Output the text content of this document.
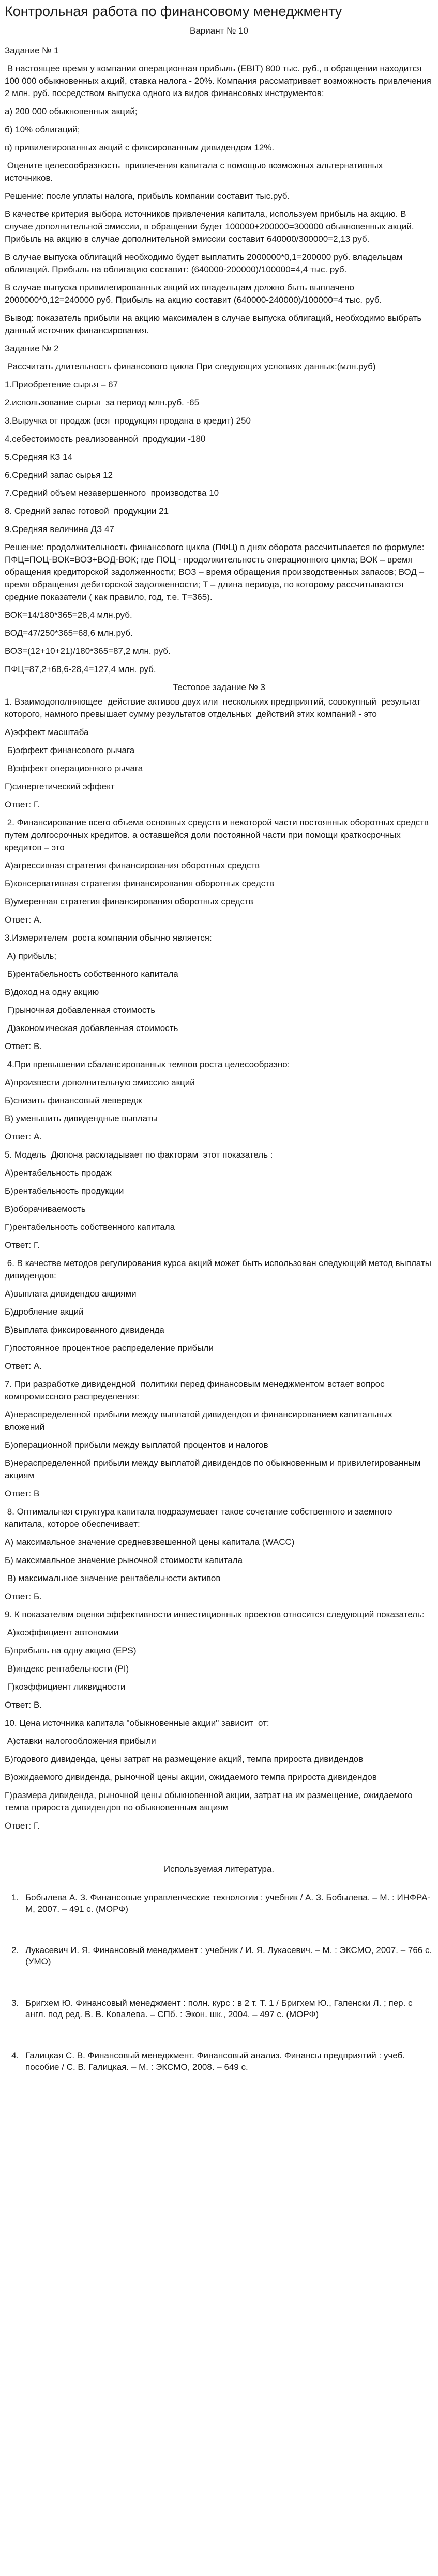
Контрольная работа по финансовому менеджменту

Вариант № 10

Задание № 1

В настоящее время у компании операционная прибыль (EBIT) 800 тыс. руб., в обращении находится 100 000 обыкновенных акций, ставка налога - 20%. Компания рассматривает возможность привлечения 2 млн. руб. посредством выпуска одного из видов финансовых инструментов:

а) 200 000 обыкновенных акций;

б) 10% облигаций;

в) привилегированных акций с фиксированным дивидендом 12%.

Оцените целесообразность  привлечения капитала с помощью возможных альтернативных источников.

Решение: после уплаты налога, прибыль компании составит тыс.руб.

В качестве критерия выбора источников привлечения капитала, используем прибыль на акцию. В случае дополнительной эмиссии, в обращении будет 100000+200000=300000 обыкновенных акций. Прибыль на акцию в случае дополнительной эмиссии составит 640000/300000=2,13 руб.

В случае выпуска облигаций необходимо будет выплатить 2000000*0,1=200000 руб. владельцам облигаций. Прибыль на облигацию составит: (640000-200000)/100000=4,4 тыс. руб.

В случае выпуска привилегированных акций их владельцам должно быть выплачено 2000000*0,12=240000 руб. Прибыль на акцию составит (640000-240000)/100000=4 тыс. руб.

Вывод: показатель прибыли на акцию максимален в случае выпуска облигаций, необходимо выбрать данный источник финансирования.

Задание № 2

Рассчитать длительность финансового цикла При следующих условиях данных:(млн.руб)

1.Приобретение сырья – 67

2.использование сырья  за период млн.руб. -65

3.Выручка от продаж (вся  продукция продана в кредит) 250

4.себестоимость реализованной  продукции -180

5.Средняя КЗ 14

6.Средний запас сырья 12

7.Средний объем незавершенного  производства 10

8. Средний запас готовой  продукции 21

9.Средняя величина ДЗ 47

Решение: продолжительность финансового цикла (ПФЦ) в днях оборота рассчитывается по формуле: ПФЦ=ПОЦ-ВОК=ВОЗ+ВОД-ВОК; где ПОЦ - продолжительность операционного цикла; ВОК – время обращения кредиторской задолженности; ВОЗ – время обращения производственных запасов; ВОД – время обращения дебиторской задолженности; T – длина периода, по которому рассчитываются средние показатели ( как правило, год, т.е. Т=365).

ВОК=14/180*365=28,4 млн.руб.

ВОД=47/250*365=68,6 млн.руб.

ВОЗ=(12+10+21)/180*365=87,2 млн. руб.

ПФЦ=87,2+68,6-28,4=127,4 млн. руб.

Тестовое задание № 3

1. Взаимодополняющее  действие активов двух или  нескольких предприятий, совокупный  результат которого, намного превышает сумму результатов отдельных  действий этих компаний - это

А)эффект масштаба

Б)эффект финансового рычага

В)эффект операционного рычага

Г)синергетический эффект

Ответ: Г.

2. Финансирование всего объема основных средств и некоторой части постоянных оборотных средств путем долгосрочных кредитов. а оставшейся доли постоянной части при помощи краткосрочных кредитов – это

А)агрессивная стратегия финансирования оборотных средств

Б)консервативная стратегия финансирования оборотных средств

В)умеренная стратегия финансирования оборотных средств

Ответ: А.

3.Измерителем  роста компании обычно является:

А) прибыль;

Б)рентабельность собственного капитала

В)доход на одну акцию

Г)рыночная добавленная стоимость

Д)экономическая добавленная стоимость

Ответ: В.

4.При превышении сбалансированных темпов роста целесообразно:

А)произвести дополнительную эмиссию акций

Б)снизить финансовый левередж

В) уменьшить дивидендные выплаты

Ответ: А.

5. Модель  Дюпона раскладывает по факторам  этот показатель :

А)рентабельность продаж

Б)рентабельность продукции

В)оборачиваемость

Г)рентабельность собственного капитала

Ответ: Г.

6. В качестве методов регулирования курса акций может быть использован следующий метод выплаты дивидендов:

А)выплата дивидендов акциями

Б)дробление акций

В)выплата фиксированного дивиденда

Г)постоянное процентное распределение прибыли

Ответ: А.

7. При разработке дивидендной  политики перед финансовым менеджментом встает вопрос компромиссного распределения:

А)нераспределенной прибыли между выплатой дивидендов и финансированием капитальных вложений

Б)операционной прибыли между выплатой процентов и налогов

В)нераспределенной прибыли между выплатой дивидендов по обыкновенным и привилегированным акциям

Ответ: В

8. Оптимальная структура капитала подразумевает такое сочетание собственного и заемного капитала, которое обеспечивает:

А) максимальное значение средневзвешенной цены капитала (WACC)

Б) максимальное значение рыночной стоимости капитала

В) максимальное значение рентабельности активов

Ответ: Б.

9. К показателям оценки эффективности инвестиционных проектов относится следующий показатель:

А)коэффициент автономии

Б)прибыль на одну акцию (EPS)

В)индекс рентабельности (PI)

Г)коэффициент ликвидности

Ответ: В.

10. Цена источника капитала "обыкновенные акции" зависит  от:

А)ставки налогообложения прибыли

Б)годового дивиденда, цены затрат на размещение акций, темпа прироста дивидендов

В)ожидаемого дивиденда, рыночной цены акции, ожидаемого темпа прироста дивидендов

Г)размера дивиденда, рыночной цены обыкновенной акции, затрат на их размещение, ожидаемого темпа прироста дивидендов по обыкновенным акциям

Ответ: Г.

Используемая литература.

1. Бобылева А. З. Финансовые управленческие технологии : учебник / А. З. Бобылева. – М. : ИНФРА-М, 2007. – 491 с. (МОРФ)
2. Лукасевич И. Я. Финансовый менеджмент : учебник / И. Я. Лукасевич. – М. : ЭКСМО, 2007. – 766 с. (УМО)
3. Бригхем Ю. Финансовый менеджмент : полн. курс : в 2 т. Т. 1 / Бригхем Ю., Гапенски Л. ; пер. с англ. под ред. В. В. Ковалева. – СПб. : Экон. шк., 2004. – 497 с. (МОРФ)
4. Галицкая С. В. Финансовый менеджмент. Финансовый анализ. Финансы предприятий : учеб. пособие / С. В. Галицкая. – М. : ЭКСМО, 2008. – 649 с.
